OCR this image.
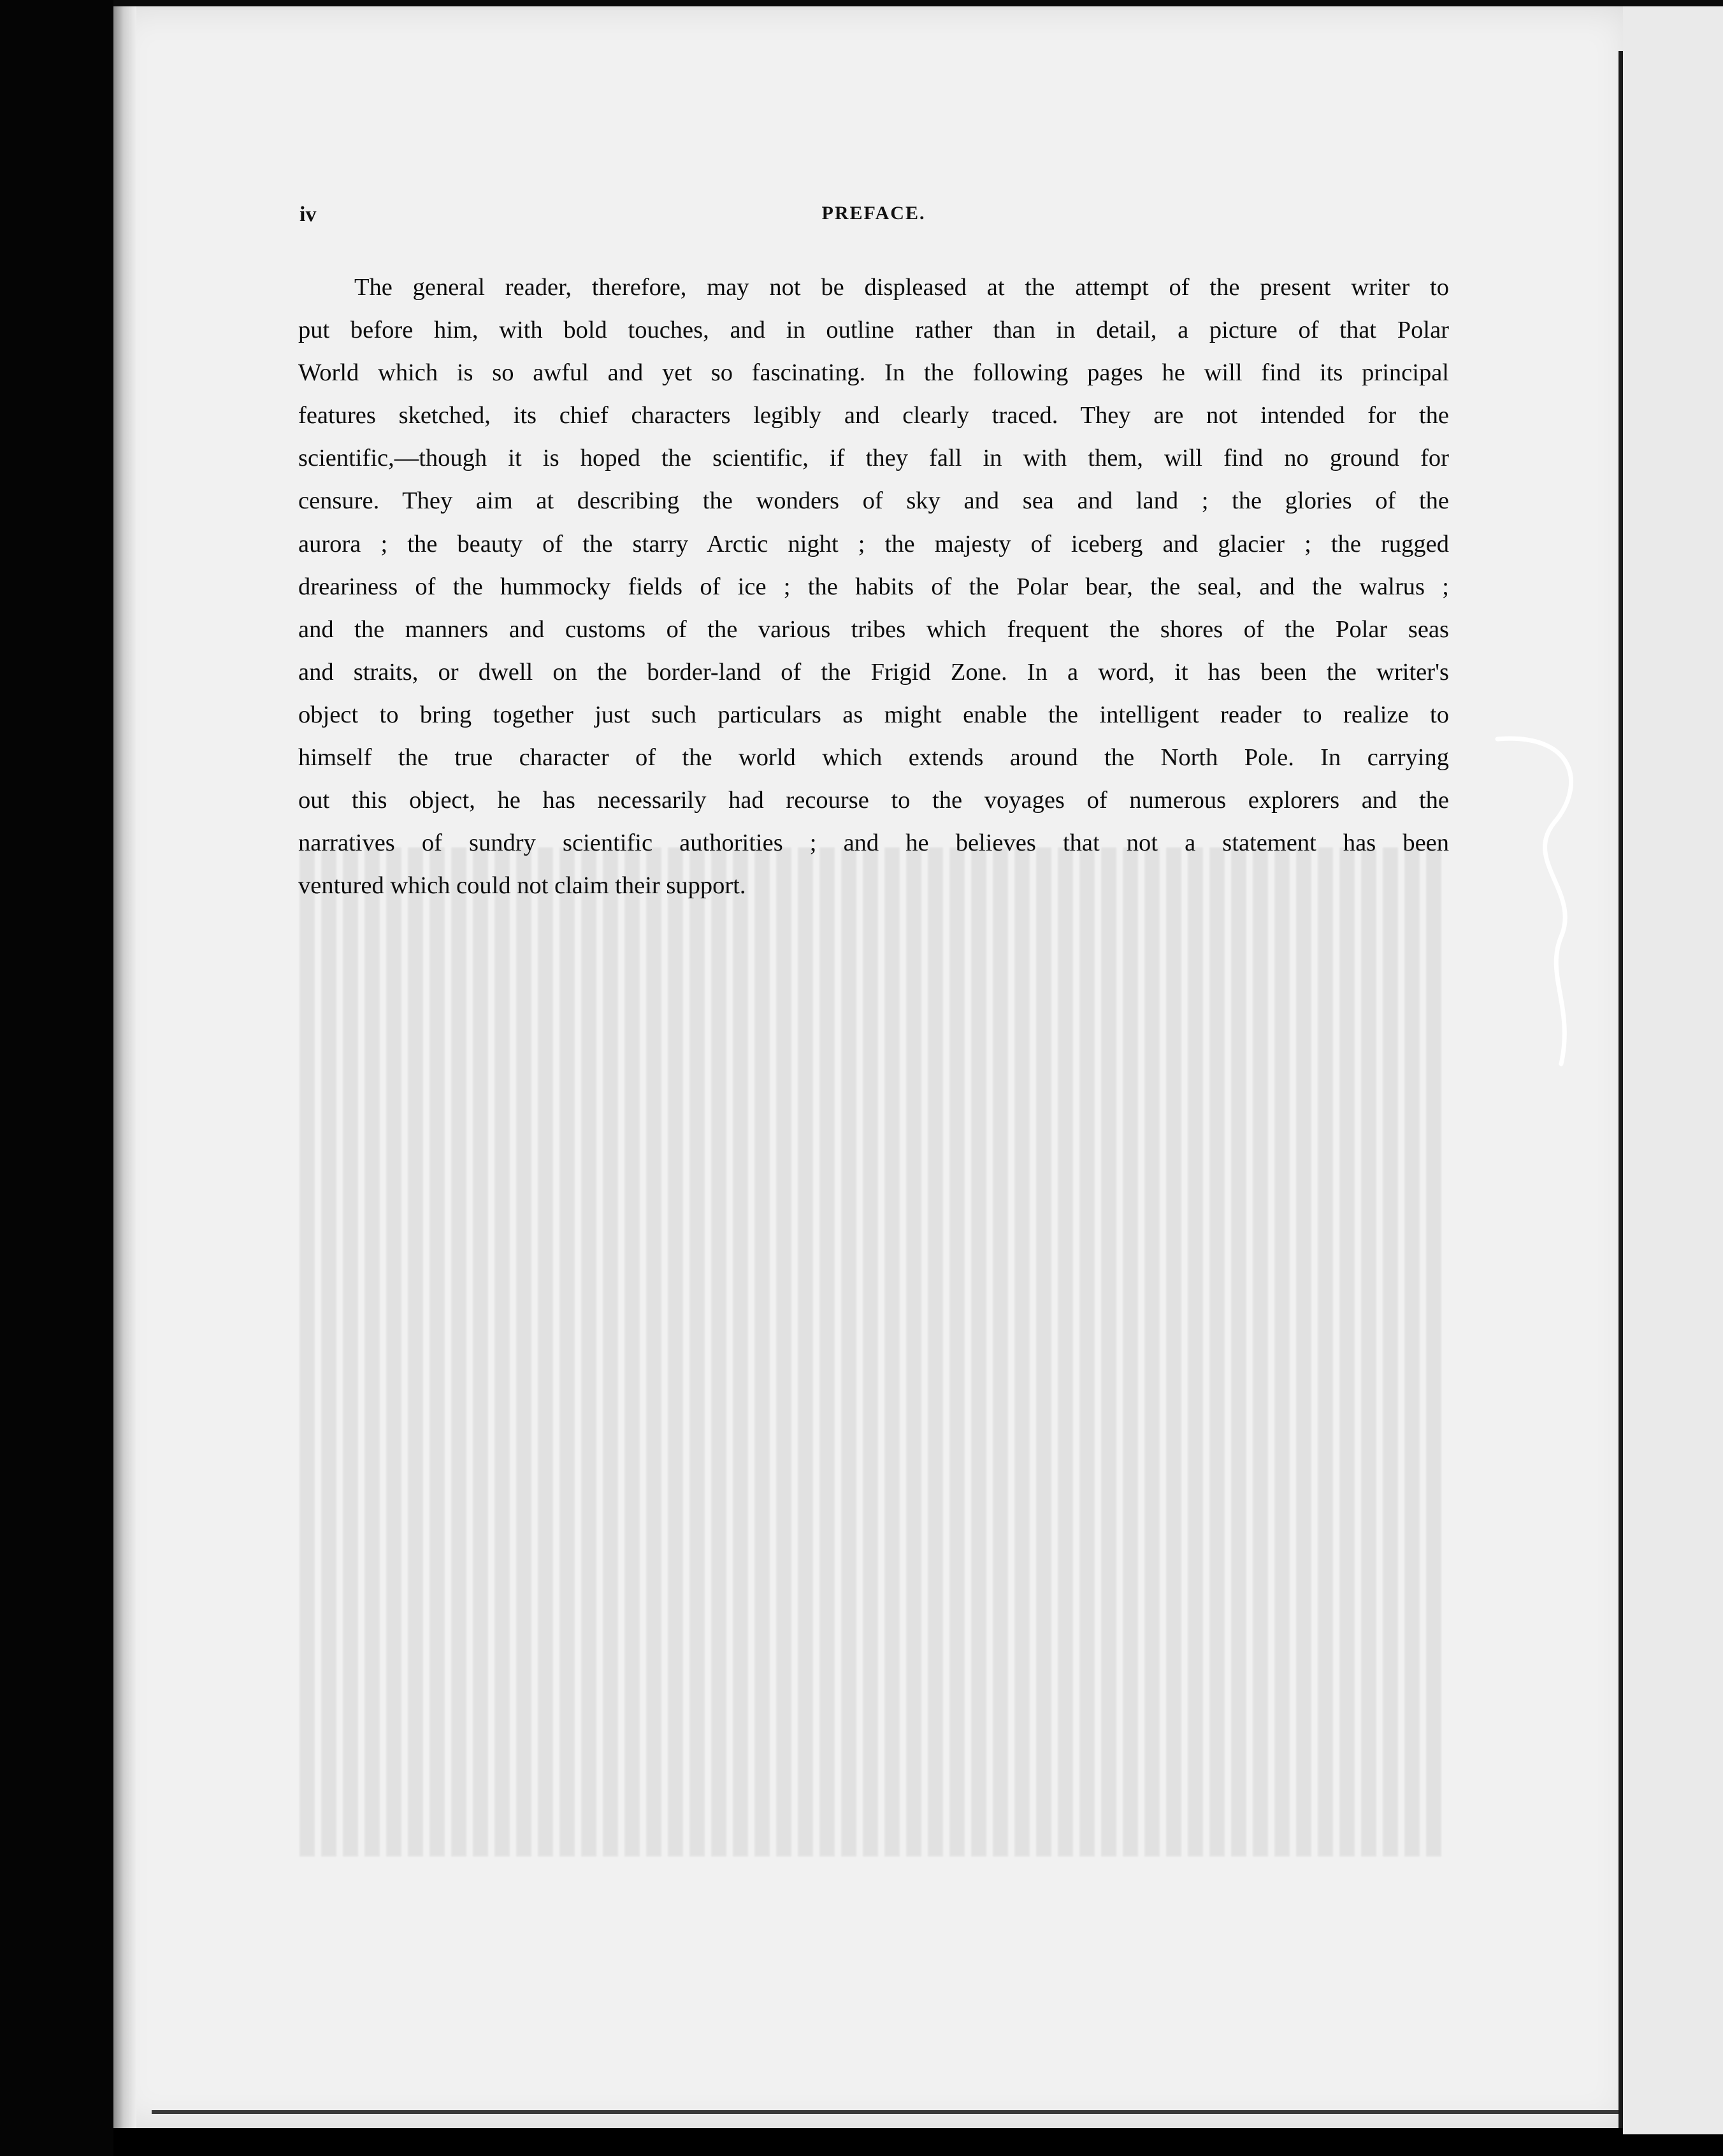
iv	PREFACE.
The general reader, therefore, may not be displeased at the attempt of the present writer to
put before him, with bold touches, and in outline rather than in detail, a picture of that Polar
World which is so awful and yet so fascinating. In the following pages he will find its principal
features sketched, its chief characters legibly and clearly traced. They are not intended for the
scientific,—though it is hoped the scientific, if they fall in with them, will find no ground for
censure. They aim at describing the wonders of sky and sea and land ; the glories of the
aurora ; the beauty of the starry Arctic night ; the majesty of iceberg and glacier ; the rugged
dreariness of the hummocky fields of ice ; the habits of the Polar bear, the seal, and the walrus ;
and the manners and customs of the various tribes which frequent the shores of the Polar seas
and straits, or dwell on the border-land of the Frigid Zone. In a word, it has been the writer's
object to bring together just such particulars as might enable the intelligent reader to realize to
himself the true character of the world which extends around the North Pole. In carrying
out this object, he has necessarily had recourse to the voyages of numerous explorers and the
narratives of sundry scientific authorities ; and he believes that not a statement has been
ventured which could not claim their support.
